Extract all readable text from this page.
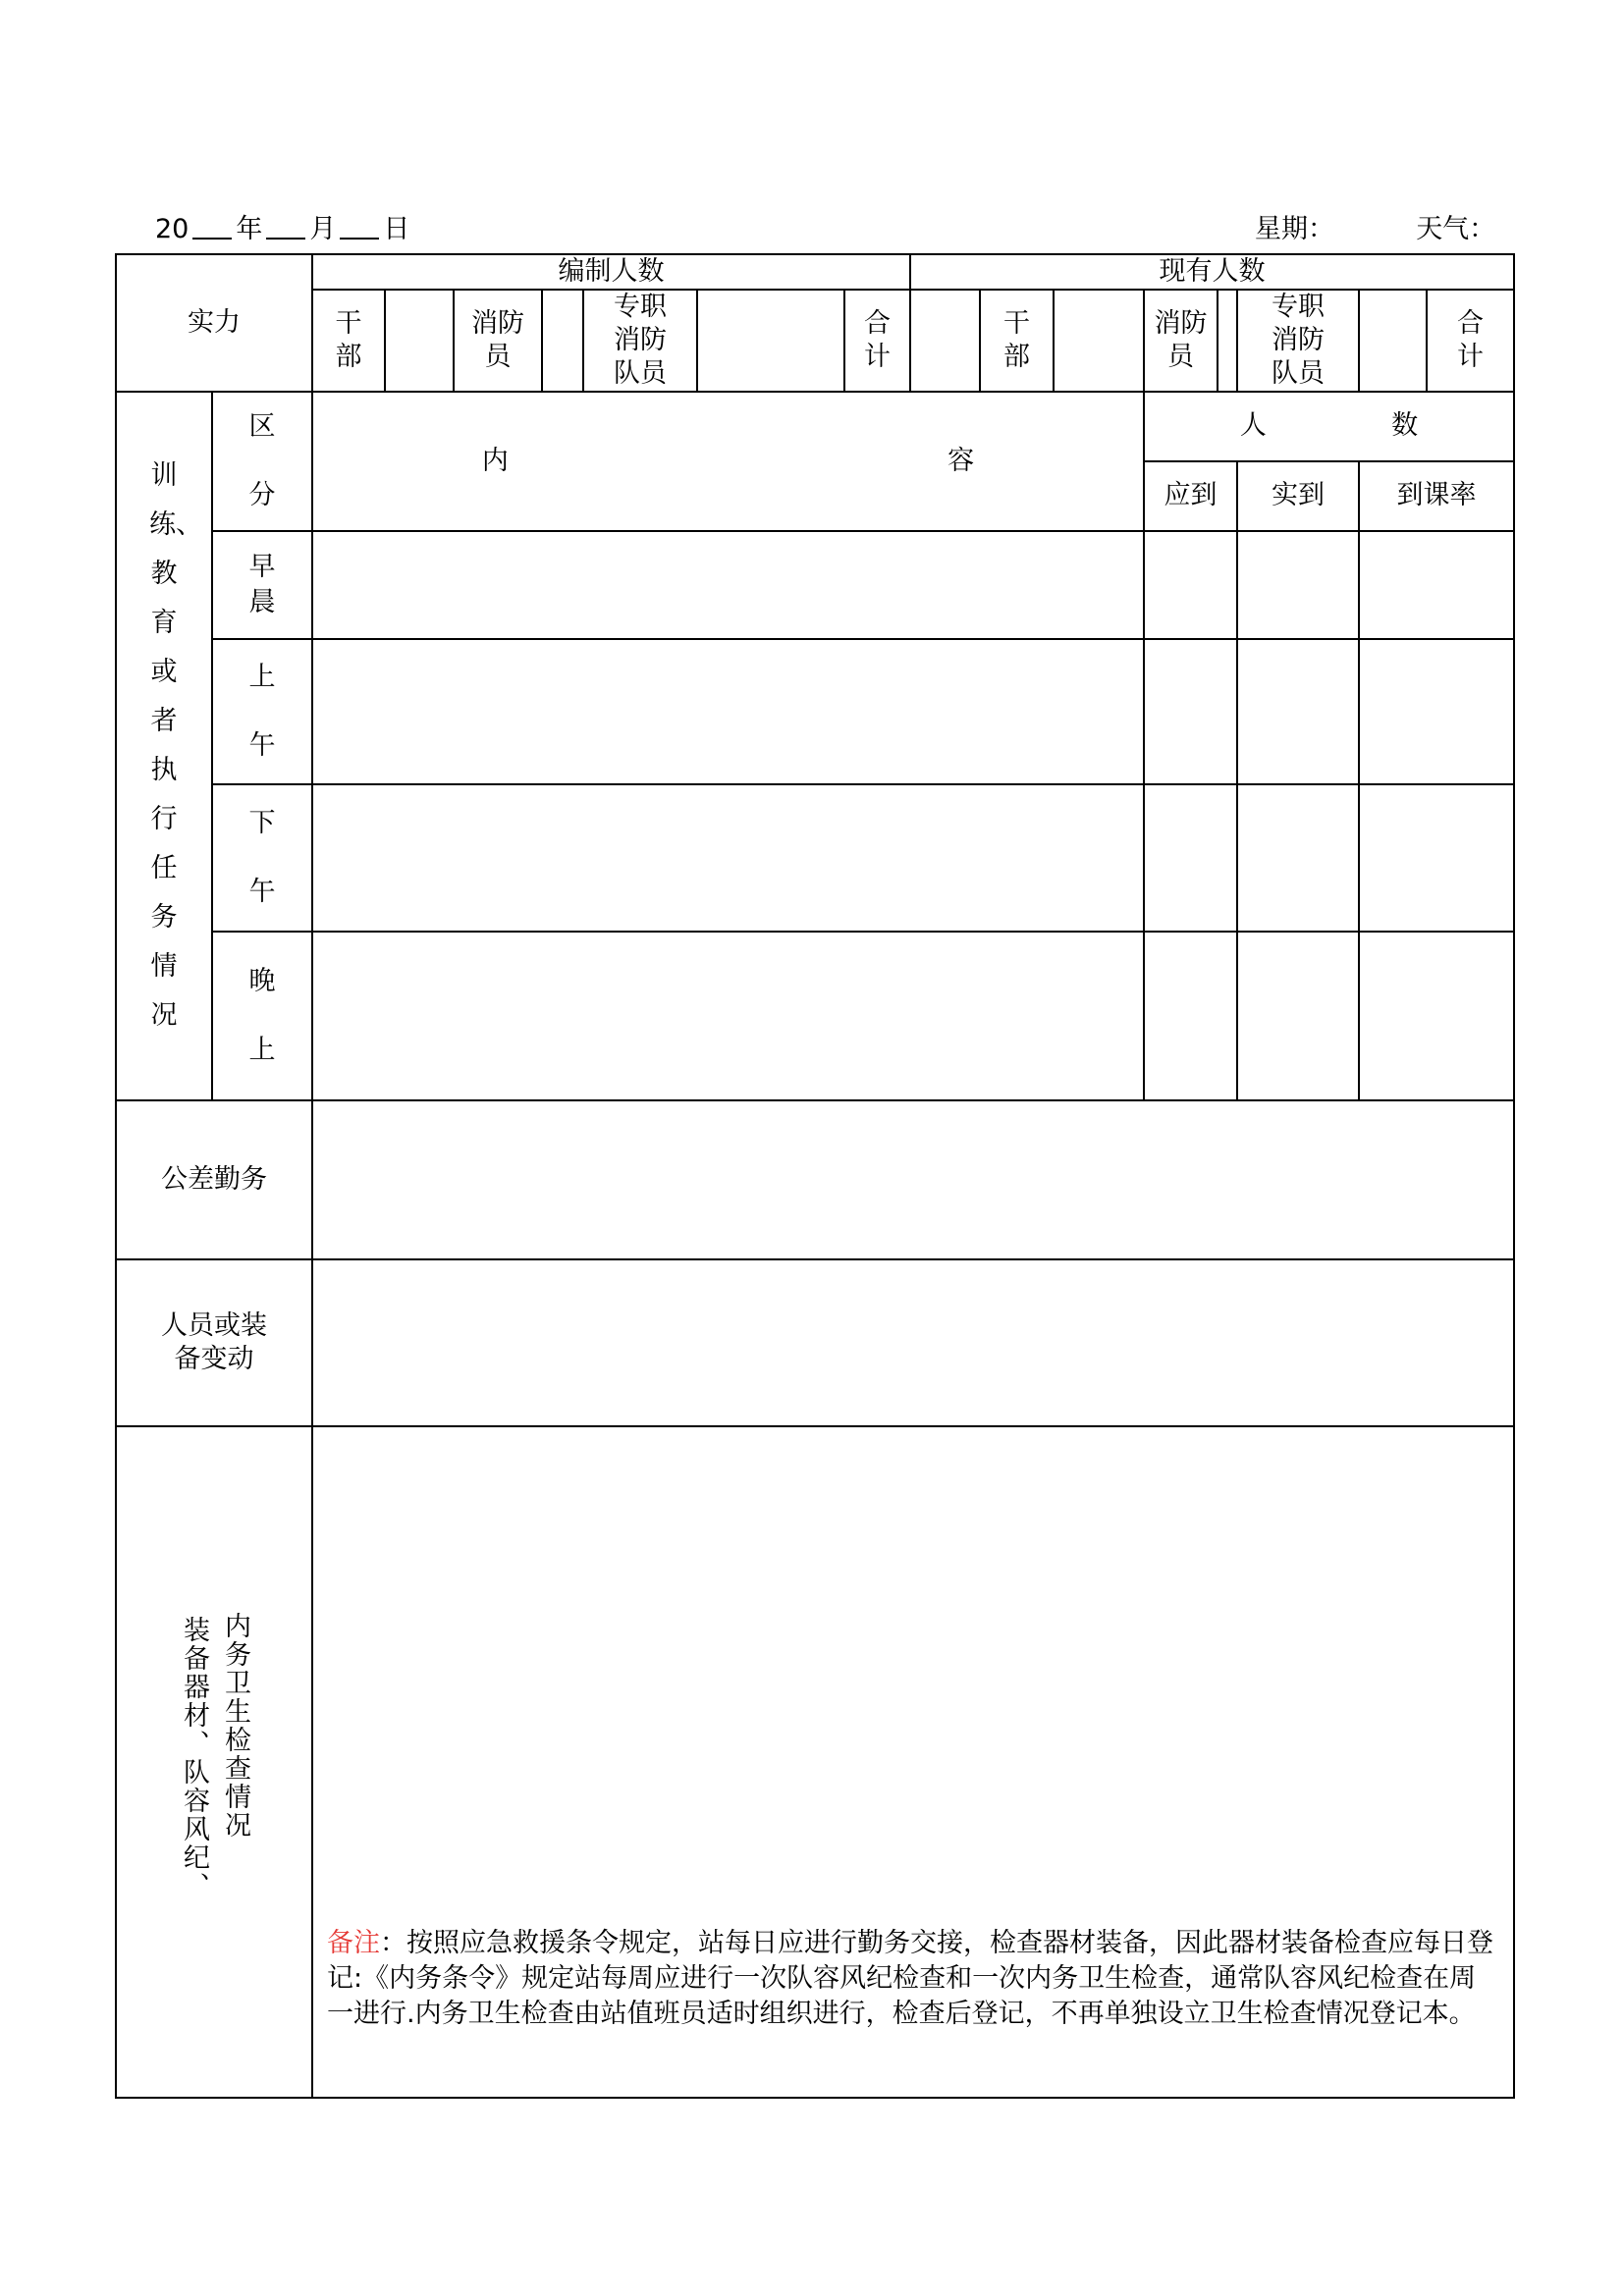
20 年 月 日	星期：	天气：
实力		编制人数							现有人数								
		干部		消防员		专职消防队员		合计		干部		消防员		专职消防队员		合计	
训练、教育或者执行任务情况	区分	内 容										人 数					
												应到		实到	到课率		
	早晨																
	上午																
	下午																
	晚上																
公差勤务																	
人员或装备变动																	
装备器材、队容风纪、 内务卫生检查情况		备注：按照应急救援条令规定，站每日应进行勤务交接，检查器材装备，因此器材装备检查应每日登记:《内务条令》规定站每周应进行一次队容风纪检查和一次内务卫生检查，通常队容风纪检查在周一进行.内务卫生检查由站值班员适时组织进行，检查后登记，不再单独设立卫生检查情况登记本。															
